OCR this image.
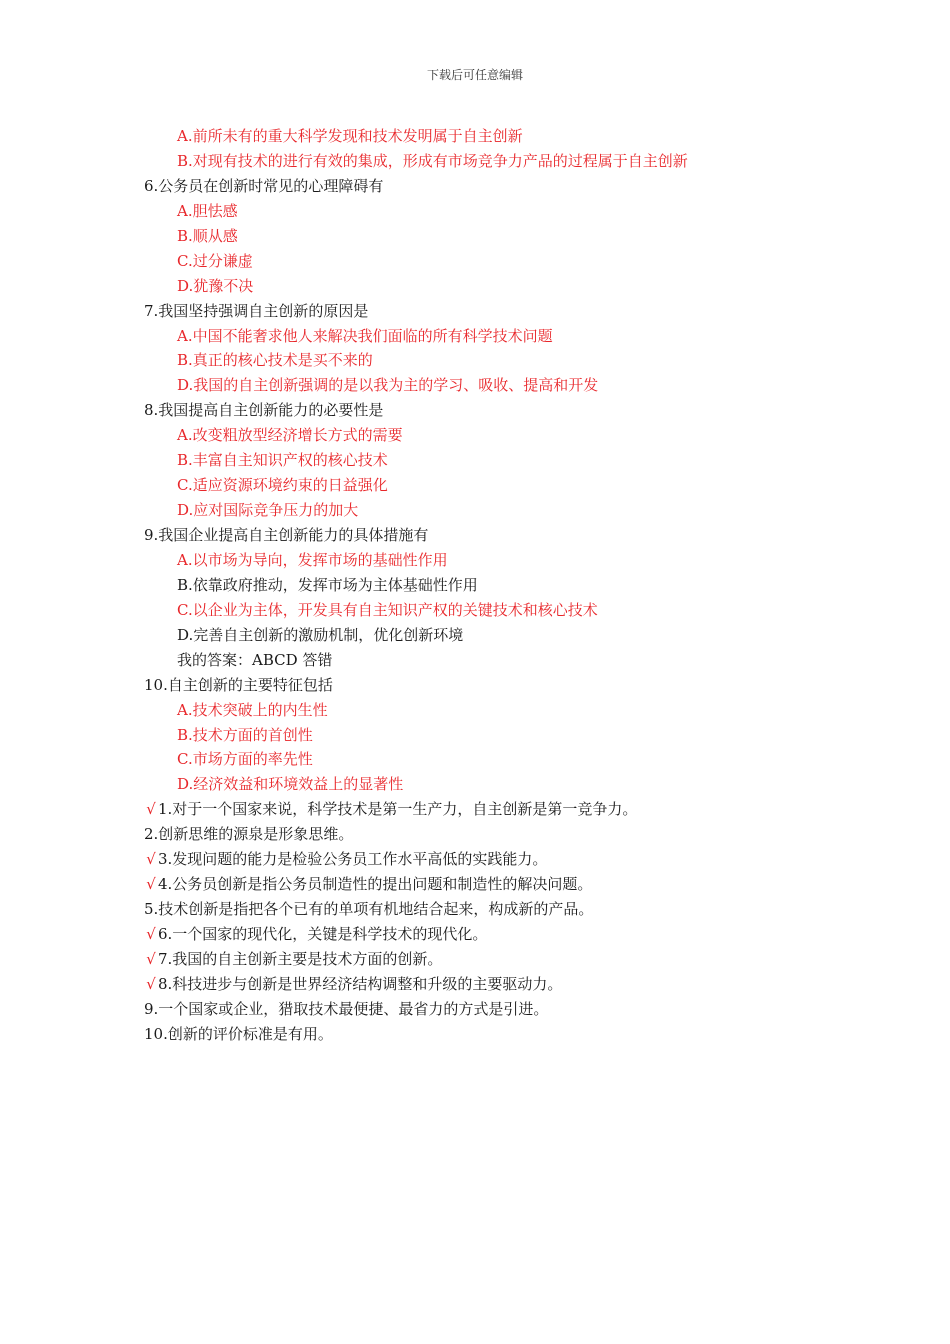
下载后可任意编辑
A.前所未有的重大科学发现和技术发明属于自主创新
B.对现有技术的进行有效的集成，形成有市场竞争力产品的过程属于自主创新
6.公务员在创新时常见的心理障碍有
A.胆怯感
B.顺从感
C.过分谦虚
D.犹豫不决
7.我国坚持强调自主创新的原因是
A.中国不能奢求他人来解决我们面临的所有科学技术问题
B.真正的核心技术是买不来的
D.我国的自主创新强调的是以我为主的学习、吸收、提高和开发
8.我国提高自主创新能力的必要性是
A.改变粗放型经济增长方式的需要
B.丰富自主知识产权的核心技术
C.适应资源环境约束的日益强化
D.应对国际竞争压力的加大
9.我国企业提高自主创新能力的具体措施有
A.以市场为导向，发挥市场的基础性作用
B.依靠政府推动，发挥市场为主体基础性作用
C.以企业为主体，开发具有自主知识产权的关键技术和核心技术
D.完善自主创新的激励机制，优化创新环境
我的答案：ABCD 答错
10.自主创新的主要特征包括
A.技术突破上的内生性
B.技术方面的首创性
C.市场方面的率先性
D.经济效益和环境效益上的显著性
√ 1.对于一个国家来说，科学技术是第一生产力，自主创新是第一竞争力。
2.创新思维的源泉是形象思维。
√ 3.发现问题的能力是检验公务员工作水平高低的实践能力。
√ 4.公务员创新是指公务员制造性的提出问题和制造性的解决问题。
5.技术创新是指把各个已有的单项有机地结合起来，构成新的产品。
√ 6.一个国家的现代化，关键是科学技术的现代化。
√ 7.我国的自主创新主要是技术方面的创新。
√ 8.科技进步与创新是世界经济结构调整和升级的主要驱动力。
9.一个国家或企业，猎取技术最便捷、最省力的方式是引进。
10.创新的评价标准是有用。
